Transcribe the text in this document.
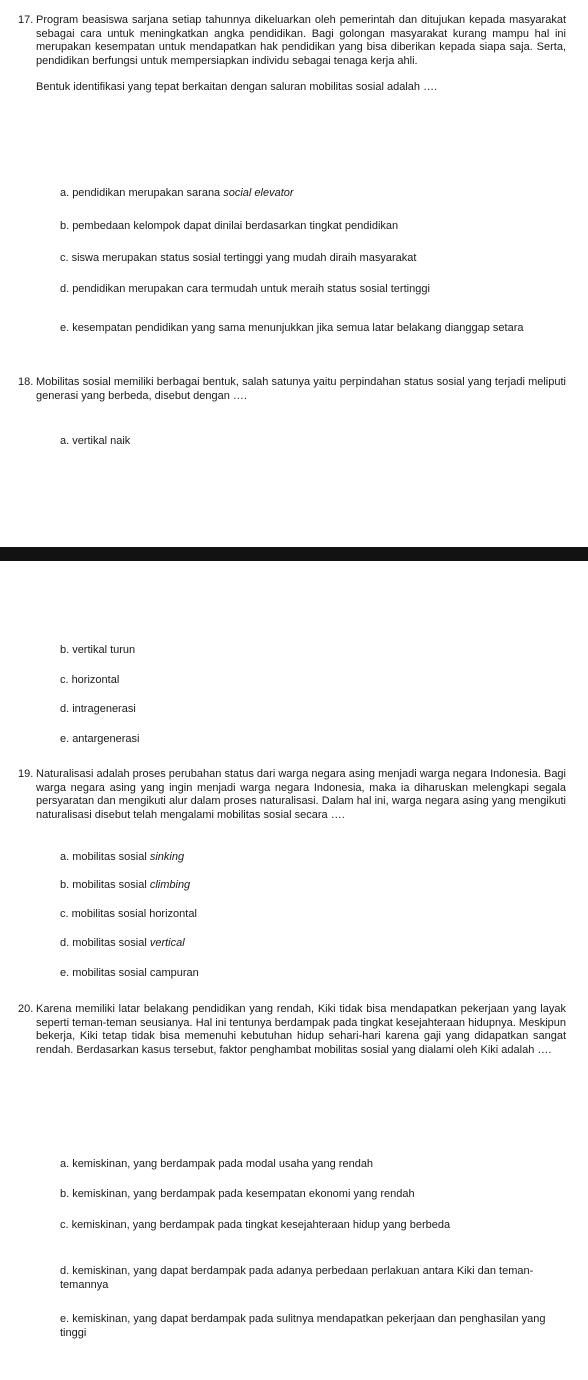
17. Program beasiswa sarjana setiap tahunnya dikeluarkan oleh pemerintah dan ditujukan kepada masyarakat sebagai cara untuk meningkatkan angka pendidikan. Bagi golongan masyarakat kurang mampu hal ini merupakan kesempatan untuk mendapatkan hak pendidikan yang bisa diberikan kepada siapa saja. Serta, pendidikan berfungsi untuk mempersiapkan individu sebagai tenaga kerja ahli.
Bentuk identifikasi yang tepat berkaitan dengan saluran mobilitas sosial adalah ….
a. pendidikan merupakan sarana social elevator
b. pembedaan kelompok dapat dinilai berdasarkan tingkat pendidikan
c. siswa merupakan status sosial tertinggi yang mudah diraih masyarakat
d. pendidikan merupakan cara termudah untuk meraih status sosial tertinggi
e. kesempatan pendidikan yang sama menunjukkan jika semua latar belakang dianggap setara
18. Mobilitas sosial memiliki berbagai bentuk, salah satunya yaitu perpindahan status sosial yang terjadi meliputi generasi yang berbeda, disebut dengan ….
a. vertikal naik
b. vertikal turun
c. horizontal
d. intragenerasi
e. antargenerasi
19. Naturalisasi adalah proses perubahan status dari warga negara asing menjadi warga negara Indonesia. Bagi warga negara asing yang ingin menjadi warga negara Indonesia, maka ia diharuskan melengkapi segala persyaratan dan mengikuti alur dalam proses naturalisasi. Dalam hal ini, warga negara asing yang mengikuti naturalisasi disebut telah mengalami mobilitas sosial secara ….
a. mobilitas sosial sinking
b. mobilitas sosial climbing
c. mobilitas sosial horizontal
d. mobilitas sosial vertical
e. mobilitas sosial campuran
20. Karena memiliki latar belakang pendidikan yang rendah, Kiki tidak bisa mendapatkan pekerjaan yang layak seperti teman-teman seusianya. Hal ini tentunya berdampak pada tingkat kesejahteraan hidupnya. Meskipun bekerja, Kiki tetap tidak bisa memenuhi kebutuhan hidup sehari-hari karena gaji yang didapatkan sangat rendah. Berdasarkan kasus tersebut, faktor penghambat mobilitas sosial yang dialami oleh Kiki adalah ….
a. kemiskinan, yang berdampak pada modal usaha yang rendah
b. kemiskinan, yang berdampak pada kesempatan ekonomi yang rendah
c. kemiskinan, yang berdampak pada tingkat kesejahteraan hidup yang berbeda
d. kemiskinan, yang dapat berdampak pada adanya perbedaan perlakuan antara Kiki dan teman-temannya
e. kemiskinan, yang dapat berdampak pada sulitnya mendapatkan pekerjaan dan penghasilan yang tinggi
